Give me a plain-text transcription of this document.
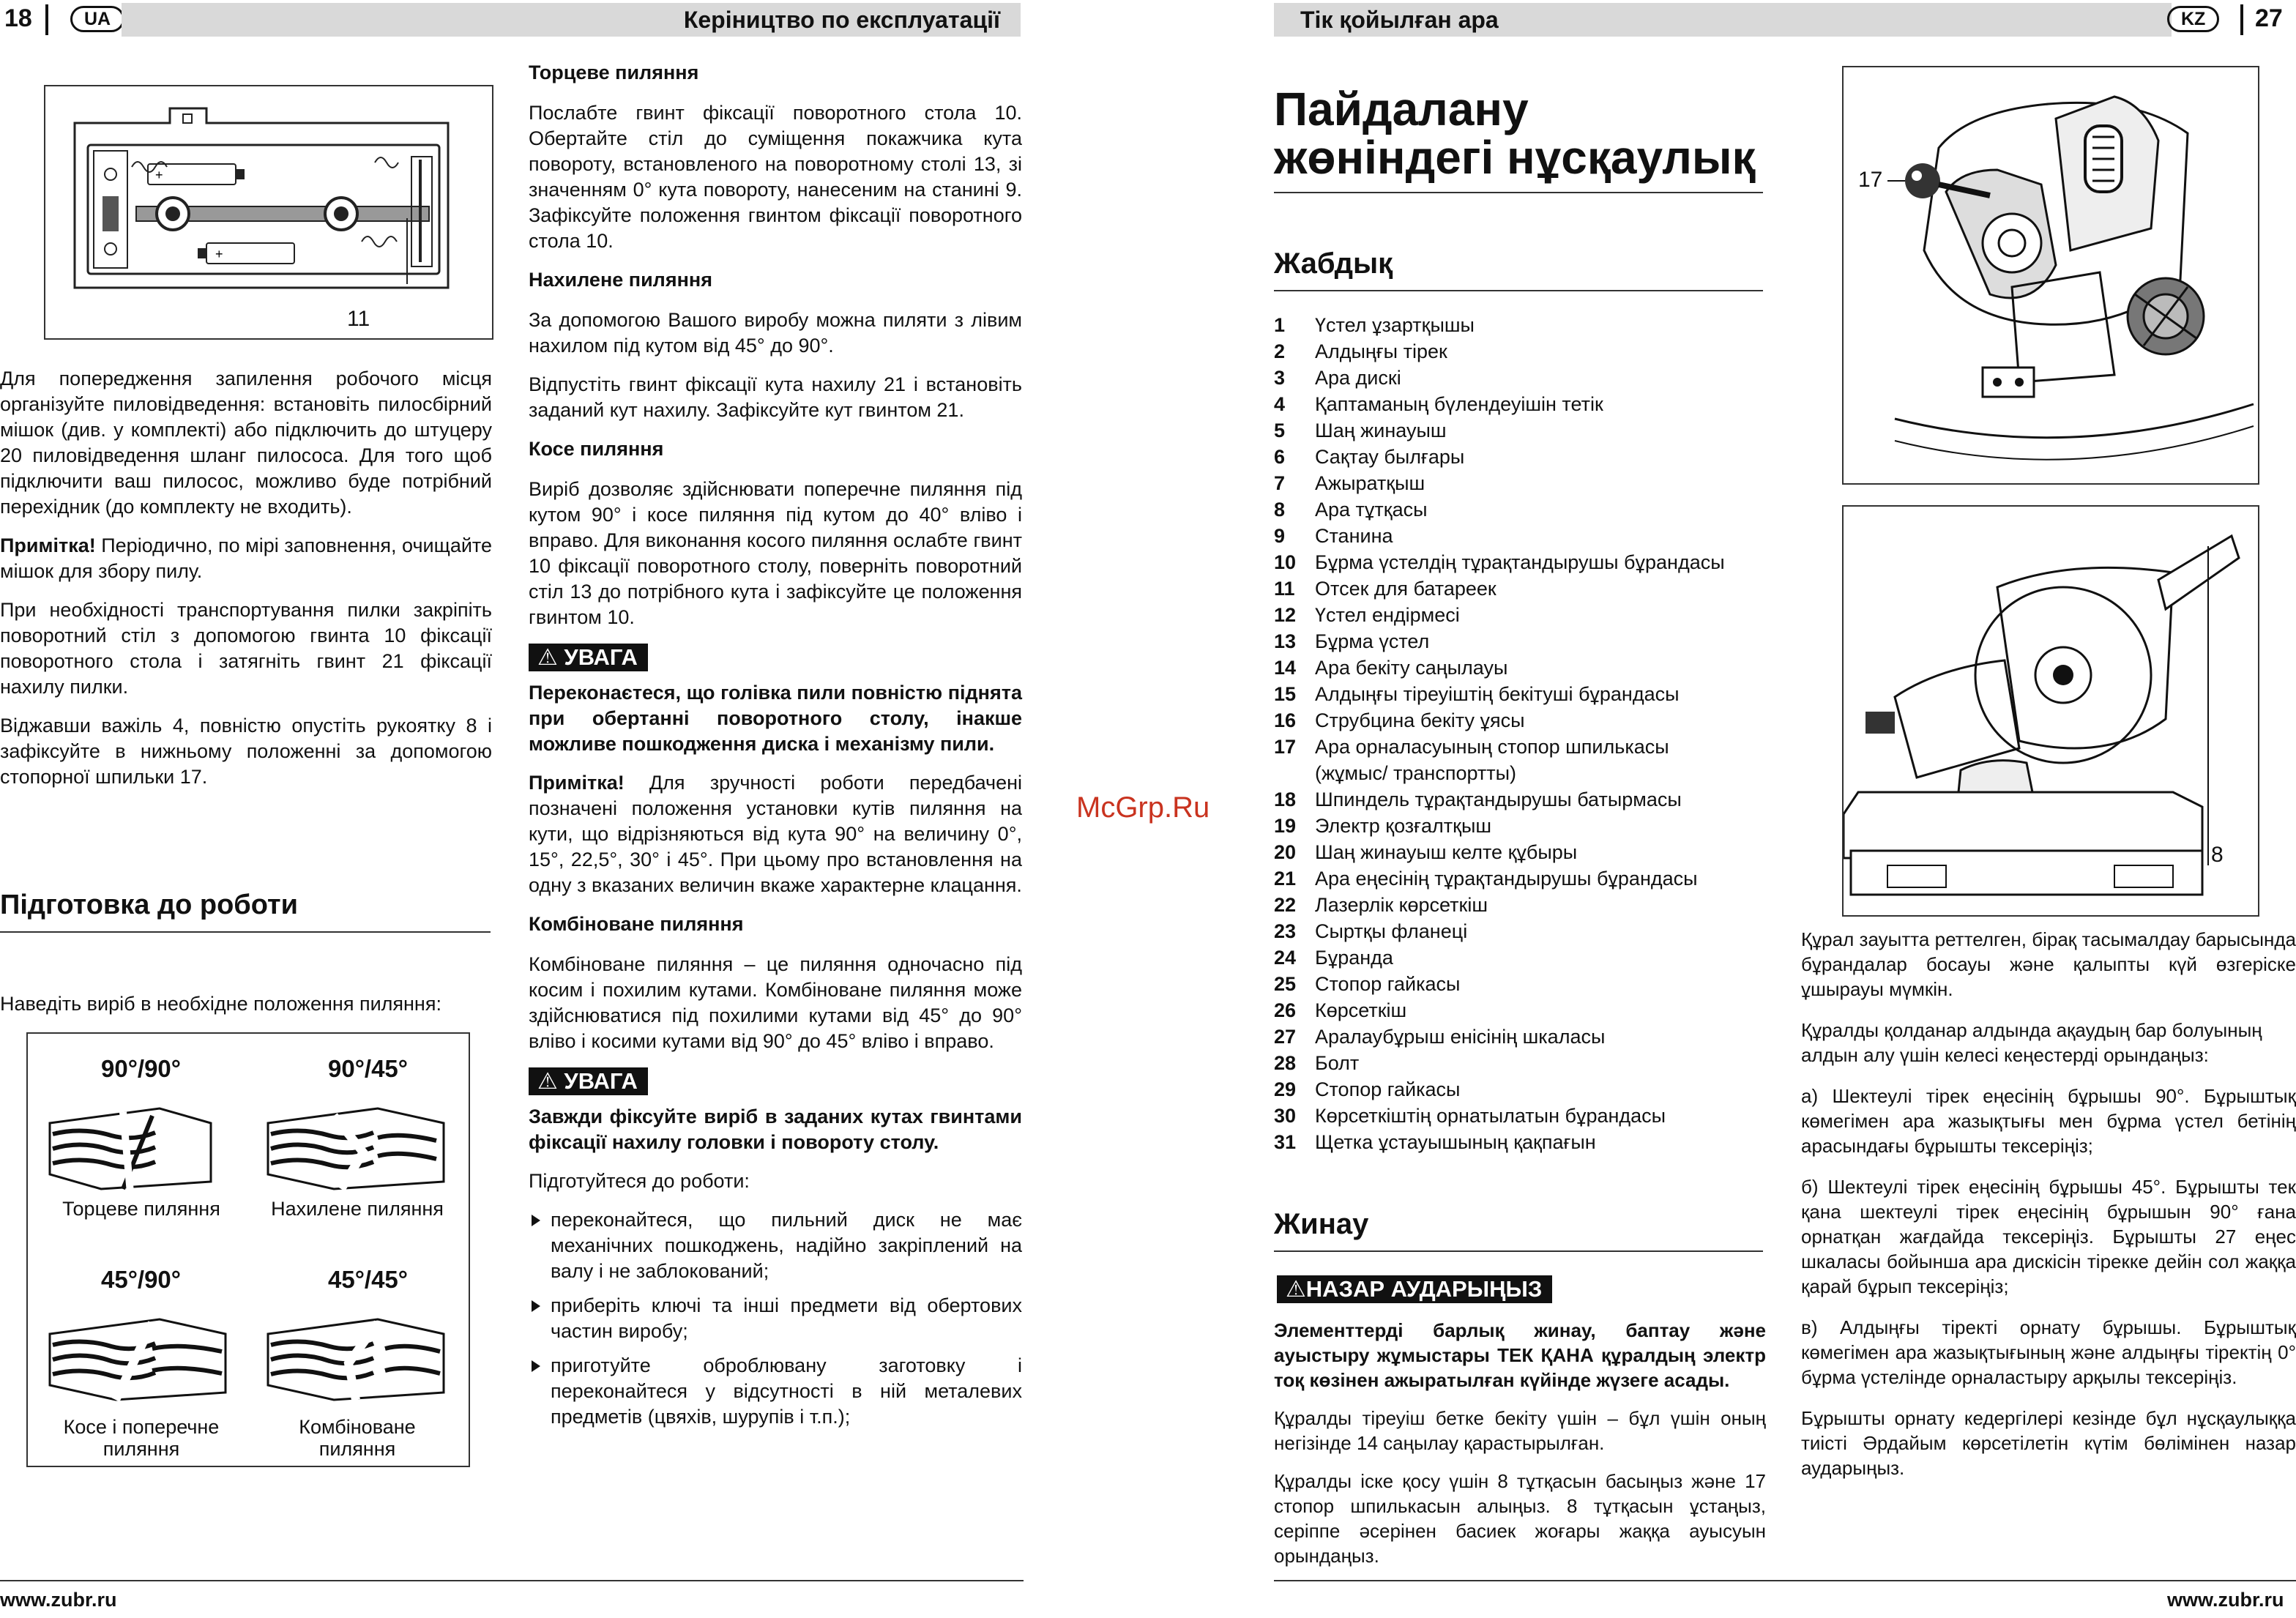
18	UA	Керіництво по експлуатації
+
+
11

Для попередження запилення робочого місця організуйте пиловідведення: встановіть пилосбірний мішок (див. у комплекті) або підключить до штуцеру 20 пиловідведення шланг пилососа. Для того щоб підключити ваш пилосос, можливо буде потрібний перехідник (до комплекту не входить).

Примітка! Періодично, по мірі заповнення, очищайте мішок для збору пилу.

При необхідності транспортування пилки закріпіть поворотний стіл з допомогою гвинта 10 фіксації поворотного стола і затягніть гвинт 21 фіксації нахилу пилки.

Віджавши важіль 4, повністю опустіть рукоятку 8 і зафіксуйте в нижньому положенні за допомогою стопорної шпильки 17.

Підготовка до роботи
Наведіть виріб в необхідне положення пиляння:
90°/90°	90°/45°
Торцеве пиляння	Нахилене пиляння
45°/90°	45°/45°
Косе і поперечне пиляння
Комбіноване пиляння
Торцеве пиляння

Послабте гвинт фіксації поворотного стола 10. Обертайте стіл до суміщення покажчика кута повороту, встановленого на поворотному столі 13, зі значенням 0° кута повороту, нанесеним на станині 9. Зафіксуйте положення гвинтом фіксації поворотного стола 10.

Нахилене пиляння

За допомогою Вашого виробу можна пиляти з лівим нахилом під кутом від 45° до 90°.

Відпустіть гвинт фіксації кута нахилу 21 і встановіть заданий кут нахилу. Зафіксуйте кут гвинтом 21.

Косе пиляння

Виріб дозволяє здійснювати поперечне пиляння під кутом 90° і косе пиляння під кутом до 40° вліво і вправо. Для виконання косого пиляння ослабте гвинт 10 фіксації поворотного столу, поверніть поворотний стіл 13 до потрібного кута і зафіксуйте це положення гвинтом 10.

⚠ УВАГА

Переконаєтеся, що голівка пили повністю піднята при обертанні поворотного столу, інакше можливе пошкодження диска і механізму пили.

Примітка! Для зручності роботи передбачені позначені положення установки кутів пиляння на кути, що відрізняються від кута 90° на величину 0°, 15°, 22,5°, 30° і 45°. При цьому про встановлення на одну з вказаних величин вкаже характерне клацання.

Комбіноване пиляння

Комбіноване пиляння – це пиляння одночасно під косим і похилим кутами. Комбіноване пиляння може здійснюватися під похилими кутами від 45° до 90° вліво і косими кутами від 90° до 45° вліво і вправо.

⚠ УВАГА

Завжди фіксуйте виріб в заданих кутах гвинтами фіксації нахилу головки і повороту столу.

Підготуйтеся до роботи:

переконайтеся, що пильний диск не має механічних пошкоджень, надійно закріплений на валу і не заблокований;
приберіть ключі та інші предмети від обертових частин виробу;
приготуйте оброблювану заготовку і переконайтеся у відсутності в ній металевих предметів (цвяхів, шурупів і т.п.);
www.zubr.ru
McGrp.Ru
Тік қойылған ара	KZ	27
Пайдалану
жөніндегі нұсқаулық
Жабдық
1	Үстел ұзартқышы
2	Алдыңғы тірек
3	Ара дискі
4	Қаптаманың бүлендеуішін тетік
5	Шаң жинауыш
6	Сақтау былғары
7	Ажыратқыш
8	Ара тұтқасы
9	Станина
10 Бұрма үстелдің тұрақтандырушы бұрандасы
11	Отсек для батареек
12 Үстел ендірмесі
13 Бұрма үстел
14 Ара бекіту саңылауы
15 Алдыңғы тіреуіштің бекітуші бұрандасы
16 Струбцина бекіту ұясы
17 Ара орналасуының стопор шпилькасы
(жұмыс/ транспортты)
18 Шпиндель тұрақтандырушы батырмасы
19 Электр қозғалтқыш
20 Шаң жинауыш келте құбыры
21 Ара еңесінің тұрақтандырушы бұрандасы
22 Лазерлік көрсеткіш
23 Сыртқы фланеці
24 Бұранда
25 Стопор гайкасы
26 Көрсеткіш
27 Аралаубұрыш енісінің шкаласы
28 Болт
29 Стопор гайкасы
30 Көрсеткіштің орнатылатын бұрандасы
31 Щетка ұстауышының қақпағын
Жинау
⚠НАЗАР АУДАРЫҢЫЗ

Элементтерді барлық жинау, баптау және ауыстыру жұмыстары ТЕК ҚАНА құралдың электр тоқ көзінен ажыратылған күйінде жүзеге асады.

Құралды тіреуіш бетке бекіту үшін – бұл үшін оның негізінде 14 саңылау қарастырылған.

Құралды іске қосу үшін 8 тұтқасын басыңыз және 17 стопор шпилькасын алыңыз. 8 тұтқасын ұстаңыз, серіппе әсерінен басиек жоғары жаққа ауысуын орындаңыз.

17
8

Құрал зауытта реттелген, бірақ тасымалдау барысында бұрандалар босауы және қалыпты күй өзгеріске ұшырауы мүмкін.

Құралды қолданар алдында ақаудың бар болуының алдын алу үшін келесі кеңестерді орындаңыз:

а) Шектеулі тірек еңесінің бұрышы 90°. Бұрыштық көмегімен ара жазықтығы мен бұрма үстел бетінің арасындағы бұрышты тексеріңіз;

б) Шектеулі тірек еңесінің бұрышы 45°. Бұрышты тек қана шектеулі тірек еңесінің бұрышын 90° ғана орнатқан жағдайда тексеріңіз. Бұрышты 27 еңес шкаласы бойынша ара дискісін тірекке дейін сол жаққа қарай бұрып тексеріңіз;

в) Алдыңғы тіректі орнату бұрышы. Бұрыштық көмегімен ара жазықтығының және алдыңғы тіректің 0° бұрма үстелінде орналастыру арқылы тексеріңіз.

Бұрышты орнату кедергілері кезінде бұл нұсқаулыққа тиісті Әрдайым көрсетілетін күтім бөлімінен назар аударыңыз.

www.zubr.ru
